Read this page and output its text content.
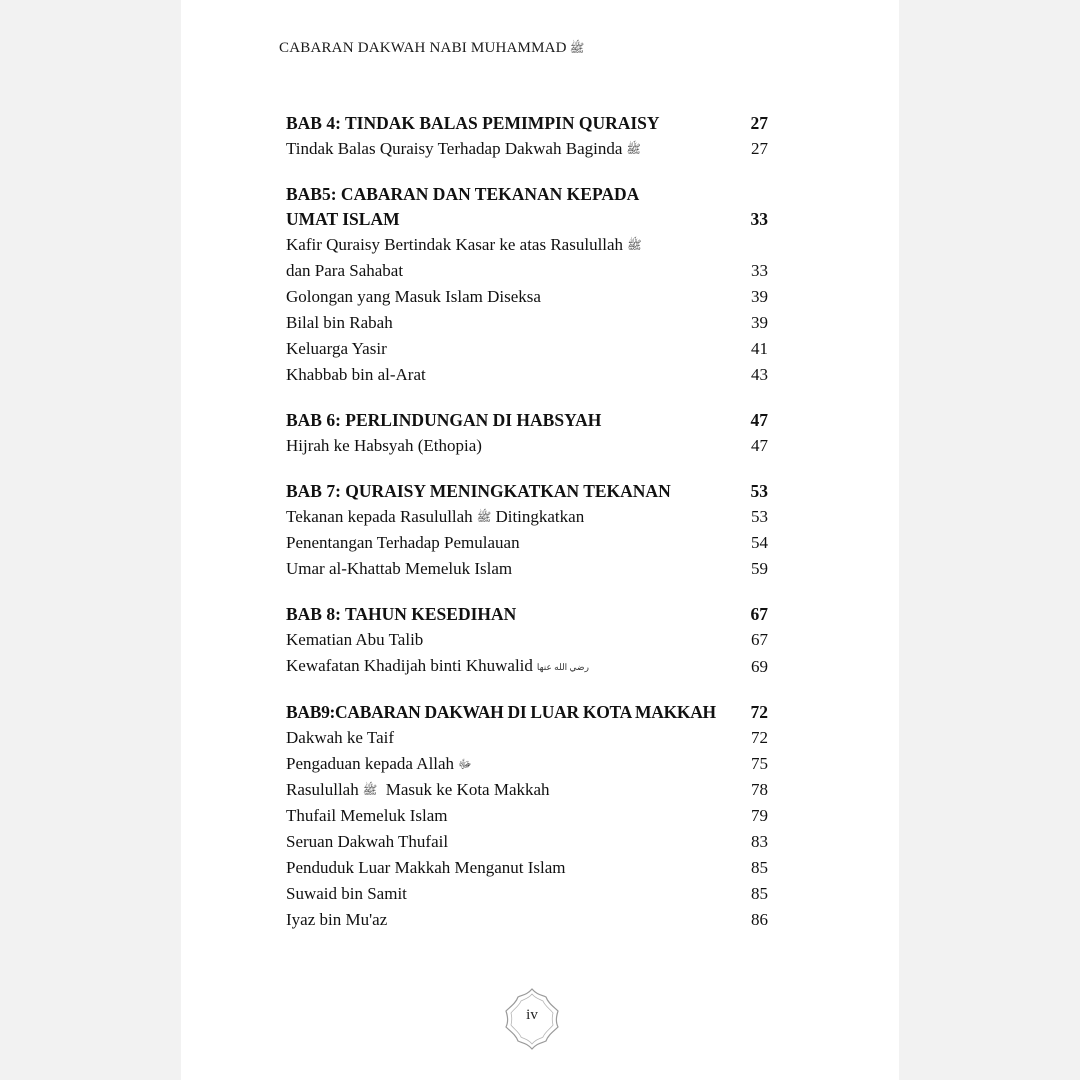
CABARAN DAKWAH NABI MUHAMMAD ﷺ
BAB 4: TINDAK BALAS PEMIMPIN QURAISY	27
Tindak Balas Quraisy Terhadap Dakwah Baginda ﷺ	27
BAB5: CABARAN DAN TEKANAN KEPADA
UMAT ISLAM	33
Kafir Quraisy Bertindak Kasar ke atas Rasulullah ﷺ
dan Para Sahabat	33
Golongan yang Masuk Islam Diseksa	39
Bilal bin Rabah	39
Keluarga Yasir	41
Khabbab bin al-Arat	43
BAB 6: PERLINDUNGAN DI HABSYAH	47
Hijrah ke Habsyah (Ethopia)	47
BAB 7: QURAISY MENINGKATKAN TEKANAN	53
Tekanan kepada Rasulullah ﷺ Ditingkatkan	53
Penentangan Terhadap Pemulauan	54
Umar al-Khattab Memeluk Islam	59
BAB 8: TAHUN KESEDIHAN	67
Kematian Abu Talib	67
Kewafatan Khadijah binti Khuwalid رضي الله عنها	69
BAB9:CABARAN DAKWAH DI LUAR KOTA MAKKAH	72
Dakwah ke Taif	72
Pengaduan kepada Allah ﷻ	75
Rasulullah ﷺ Masuk ke Kota Makkah	78
Thufail Memeluk Islam	79
Seruan Dakwah Thufail	83
Penduduk Luar Makkah Menganut Islam	85
Suwaid bin Samit	85
Iyaz bin Mu'az	86
iv
